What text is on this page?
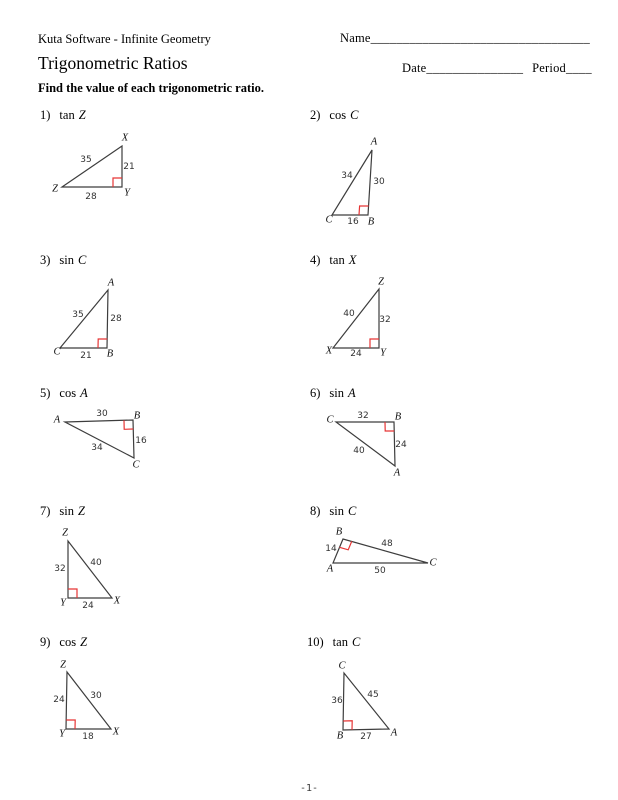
Kuta Software - Infinite Geometry	Name__________________________________
Trigonometric Ratios	Date_______________ Period____
Find the value of each trigonometric ratio.
1) tan Z	2) cos C
3) sin C	4) tan X
5) cos A	6) sin A
7) sin Z	8) sin C
9) cos Z	10) tan C
Z
X
Y
35
21
28
A
C	B
34
30
16
A
C	B
35	28
21
Z
X	Y
40
32
24
A	B
C
30
16
34
C	B
A
32
24
40
Z
Y	X
32
40
24
B
A
C
14	48
50
Z
Y	X
24	30
18
C
B	A
36
45
27
-1-
